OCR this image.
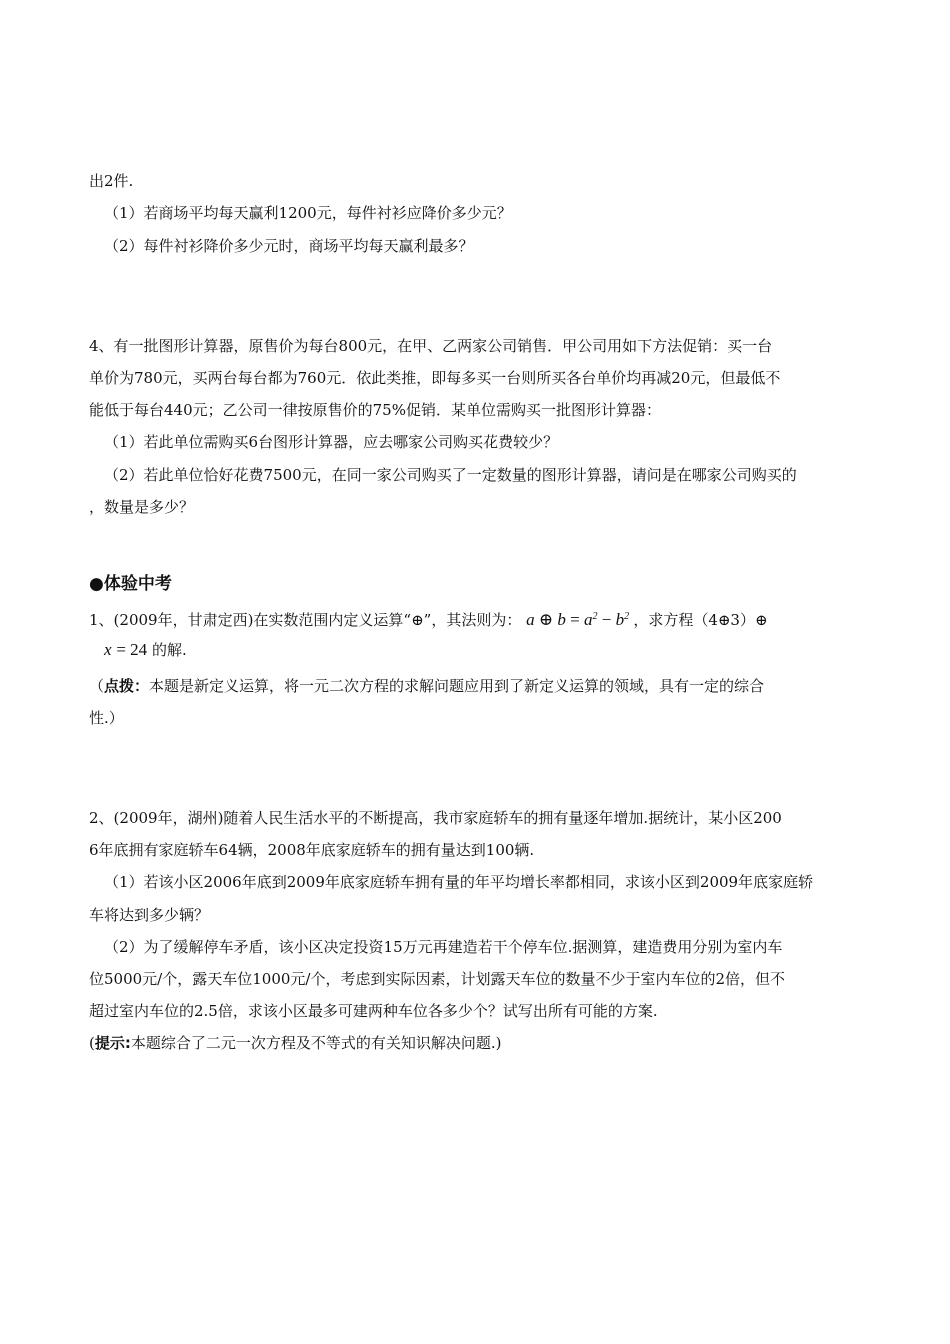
出2件.
（1）若商场平均每天赢利1200元，每件衬衫应降价多少元？
（2）每件衬衫降价多少元时，商场平均每天赢利最多？
4、有一批图形计算器，原售价为每台800元，在甲、乙两家公司销售．甲公司用如下方法促销：买一台
单价为780元，买两台每台都为760元．依此类推，即每多买一台则所买各台单价均再减20元，但最低不
能低于每台440元；乙公司一律按原售价的75%促销．某单位需购买一批图形计算器：
（1）若此单位需购买6台图形计算器，应去哪家公司购买花费较少？
（2）若此单位恰好花费7500元，在同一家公司购买了一定数量的图形计算器，请问是在哪家公司购买的
，数量是多少？
●体验中考
1、(2009年，甘肃定西)在实数范围内定义运算“⊕”，其法则为： a ⊕ $b = a^2 - b^2$ ，求方程（4⊕3）⊕
x = 24 的解.
（点拨：本题是新定义运算，将一元二次方程的求解问题应用到了新定义运算的领域，具有一定的综合
性.）
2、(2009年，湖州)随着人民生活水平的不断提高，我市家庭轿车的拥有量逐年增加.据统计，某小区200
6年底拥有家庭轿车64辆，2008年底家庭轿车的拥有量达到100辆.
（1）若该小区2006年底到2009年底家庭轿车拥有量的年平均增长率都相同，求该小区到2009年底家庭轿
车将达到多少辆？
（2）为了缓解停车矛盾，该小区决定投资15万元再建造若干个停车位.据测算，建造费用分别为室内车
位5000元/个，露天车位1000元/个，考虑到实际因素，计划露天车位的数量不少于室内车位的2倍，但不
超过室内车位的2.5倍，求该小区最多可建两种车位各多少个？试写出所有可能的方案.
(提示:本题综合了二元一次方程及不等式的有关知识解决问题.)
